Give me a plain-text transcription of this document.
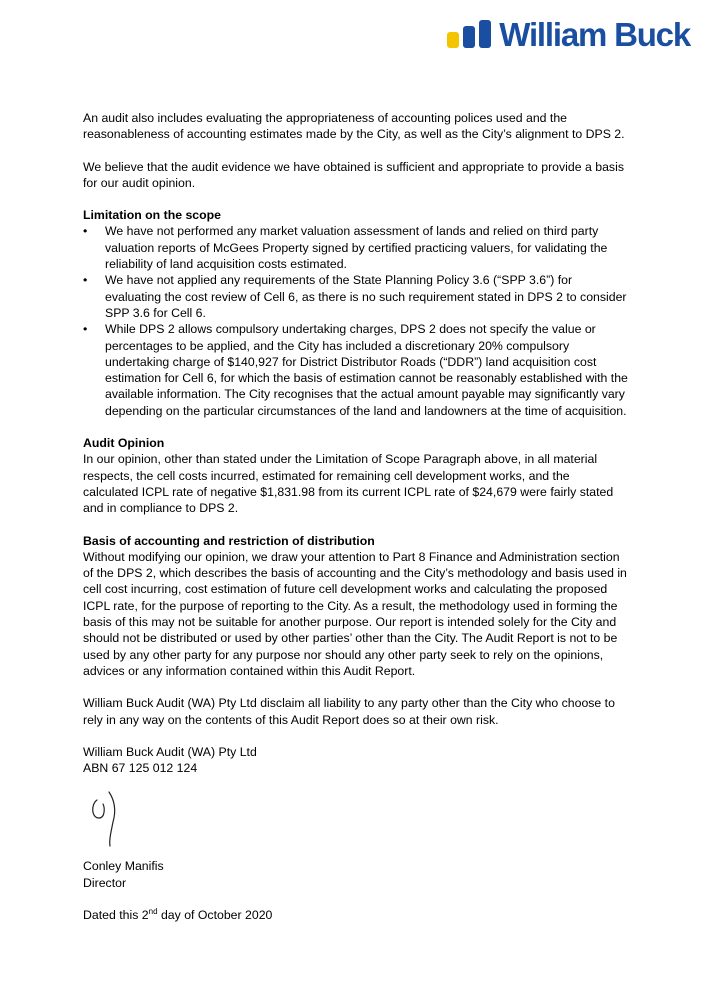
William Buck

An audit also includes evaluating the appropriateness of accounting polices used and the reasonableness of accounting estimates made by the City, as well as the City’s alignment to DPS 2.

We believe that the audit evidence we have obtained is sufficient and appropriate to provide a basis for our audit opinion.

Limitation on the scope
• We have not performed any market valuation assessment of lands and relied on third party valuation reports of McGees Property signed by certified practicing valuers, for validating the reliability of land acquisition costs estimated.
• We have not applied any requirements of the State Planning Policy 3.6 (“SPP 3.6”) for evaluating the cost review of Cell 6, as there is no such requirement stated in DPS 2 to consider SPP 3.6 for Cell 6.
• While DPS 2 allows compulsory undertaking charges, DPS 2 does not specify the value or percentages to be applied, and the City has included a discretionary 20% compulsory undertaking charge of $140,927 for District Distributor Roads (“DDR”) land acquisition cost estimation for Cell 6, for which the basis of estimation cannot be reasonably established with the available information. The City recognises that the actual amount payable may significantly vary depending on the particular circumstances of the land and landowners at the time of acquisition.
Audit Opinion

In our opinion, other than stated under the Limitation of Scope Paragraph above, in all material respects, the cell costs incurred, estimated for remaining cell development works, and the calculated ICPL rate of negative $1,831.98 from its current ICPL rate of $24,679 were fairly stated and in compliance to DPS 2.

Basis of accounting and restriction of distribution

Without modifying our opinion, we draw your attention to Part 8 Finance and Administration section of the DPS 2, which describes the basis of accounting and the City’s methodology and basis used in cell cost incurring, cost estimation of future cell development works and calculating the proposed ICPL rate, for the purpose of reporting to the City. As a result, the methodology used in forming the basis of this may not be suitable for another purpose. Our report is intended solely for the City and should not be distributed or used by other parties’ other than the City. The Audit Report is not to be used by any other party for any purpose nor should any other party seek to rely on the opinions, advices or any information contained within this Audit Report.

William Buck Audit (WA) Pty Ltd disclaim all liability to any party other than the City who choose to rely in any way on the contents of this Audit Report does so at their own risk.

William Buck Audit (WA) Pty Ltd

ABN 67 125 012 124

Conley Manifis

Director

Dated this 2nd day of October 2020
